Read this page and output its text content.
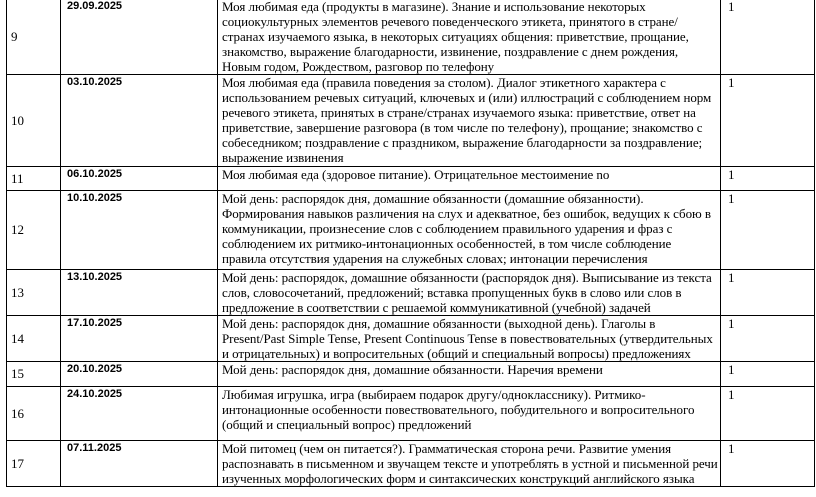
9	29.09.2025	Моя любимая еда (продукты в магазине). Знание и использование некоторых социокультурных элементов речевого поведенческого этикета, принятого в стране/странах изучаемого языка, в некоторых ситуациях общения: приветствие, прощание, знакомство, выражение благодарности, извинение, поздравление с днем рождения, Новым годом, Рождеством, разговор по телефону	1
10	03.10.2025	Моя любимая еда (правила поведения за столом). Диалог этикетного характера с использованием речевых ситуаций, ключевых и (или) иллюстраций с соблюдением норм речевого этикета, принятых в стране/странах изучаемого языка: приветствие, ответ на приветствие, завершение разговора (в том числе по телефону), прощание; знакомство с собеседником; поздравление с праздником, выражение благодарности за поздравление; выражение извинения	1
11	06.10.2025	Моя любимая еда (здоровое питание). Отрицательное местоимение no	1
12	10.10.2025	Мой день: распорядок дня, домашние обязанности (домашние обязанности). Формирования навыков различения на слух и адекватное, без ошибок, ведущих к сбою в коммуникации, произнесение слов с соблюдением правильного ударения и фраз с соблюдением их ритмико-интонационных особенностей, в том числе соблюдение правила отсутствия ударения на служебных словах; интонации перечисления	1
13	13.10.2025	Мой день: распорядок, домашние обязанности (распорядок дня). Выписывание из текста слов, словосочетаний, предложений; вставка пропущенных букв в слово или слов в предложение в соответствии с решаемой коммуникативной (учебной) задачей	1
14	17.10.2025	Мой день: распорядок дня, домашние обязанности (выходной день). Глаголы в Present/Past Simple Tense, Present Continuous Tense в повествовательных (утвердительных и отрицательных) и вопросительных (общий и специальный вопросы) предложениях	1
15	20.10.2025	Мой день: распорядок дня, домашние обязанности. Наречия времени	1
16	24.10.2025	Любимая игрушка, игра (выбираем подарок другу/однокласснику). Ритмико-интонационные особенности повествовательного, побудительного и вопросительного (общий и специальный вопрос) предложений	1
17	07.11.2025	Мой питомец (чем он питается?). Грамматическая сторона речи. Развитие умения распознавать в письменном и звучащем тексте и употреблять в устной и письменной речи изученных морфологических форм и синтаксических конструкций английского языка	1
